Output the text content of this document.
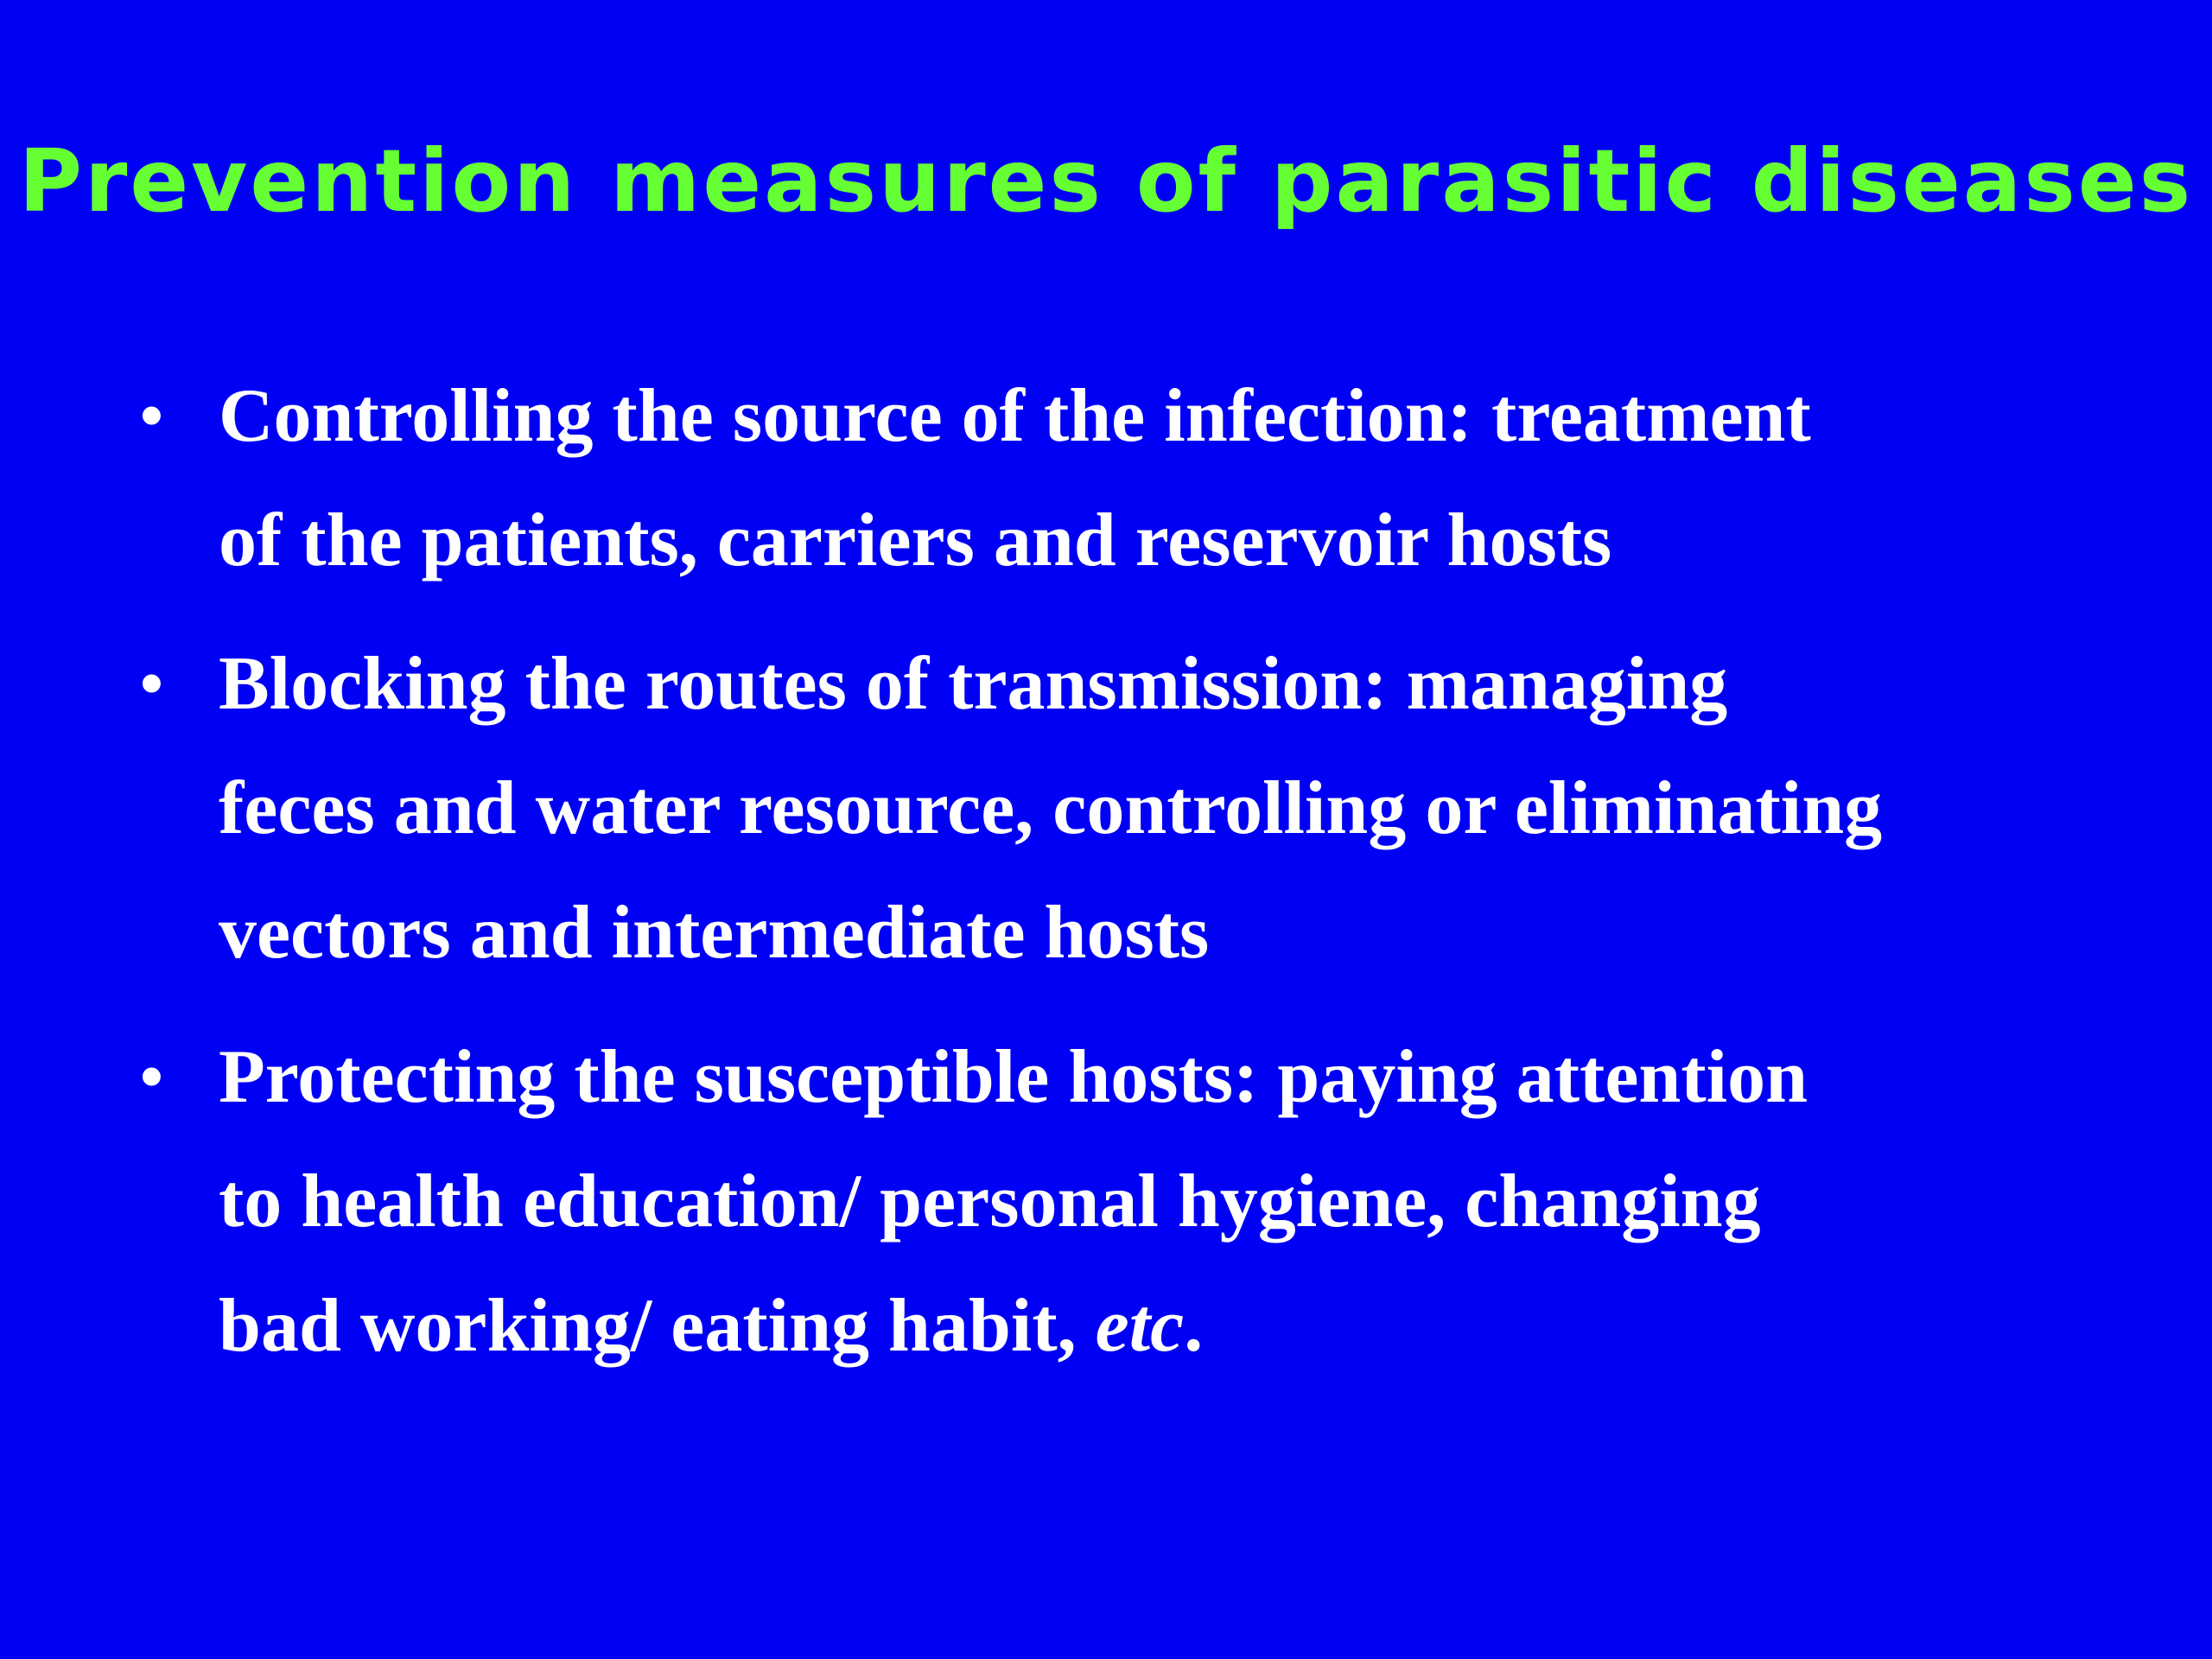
Prevention measures of parasitic diseases
• Controlling the source of the infection: treatment
of the patients, carriers and reservoir hosts
• Blocking the routes of transmission: managing
feces and water resource, controlling or eliminating
vectors and intermediate hosts
• Protecting the susceptible hosts: paying attention
to health education/ personal hygiene, changing
bad working/ eating habit, etc.
